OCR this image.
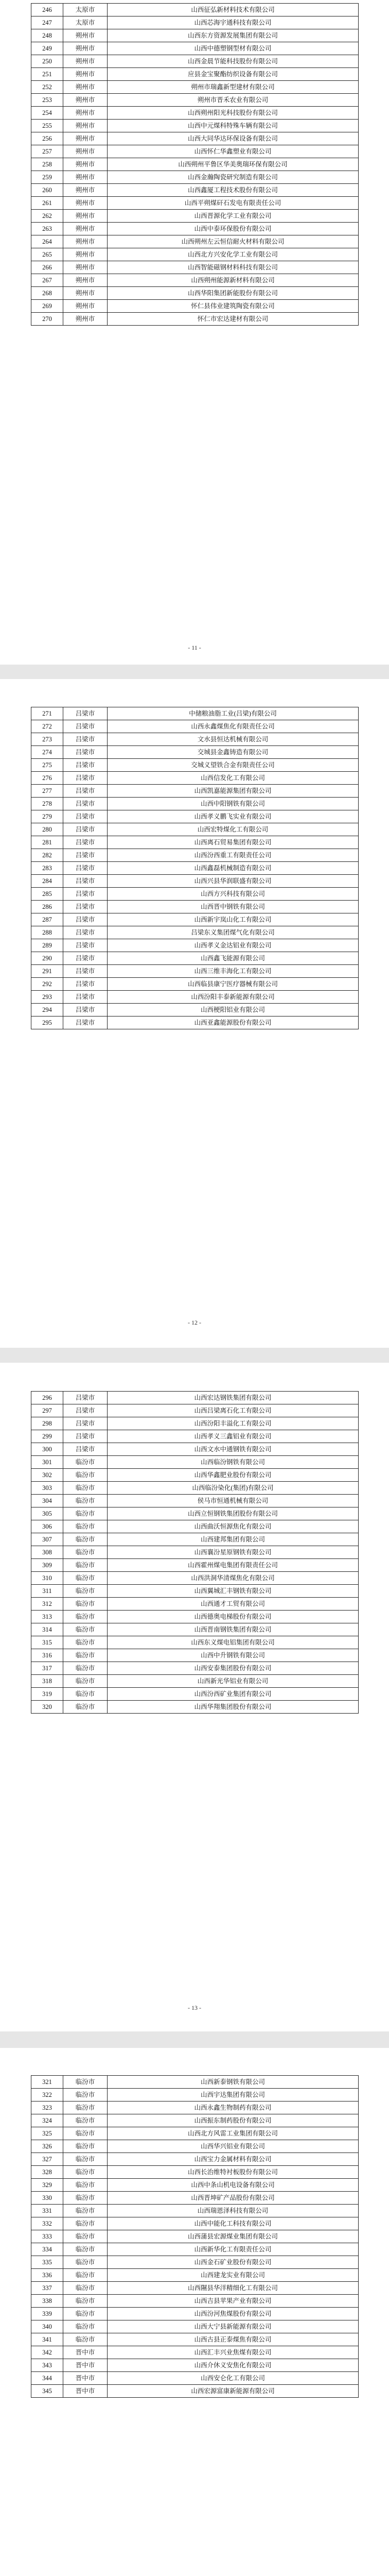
246	太原市	山西征弘新材料技术有限公司
247	太原市	山西芯海宇通科技有限公司
248	朔州市	山西东方资源发展集团有限公司
249	朔州市	山西中德塑钢型材有限公司
250	朔州市	山西金晨节能科技股份有限公司
251	朔州市	应县金宝聚酯纺织设备有限公司
252	朔州市	朔州市瑞鑫新型建材有限公司
253	朔州市	朔州市晋禾农业有限公司
254	朔州市	山西朔州阳光科技股份有限公司
255	朔州市	山西中元煤科特殊车辆有限公司
256	朔州市	山西大同华达环保设备有限公司
257	朔州市	山西怀仁华鑫塑业有限公司
258	朔州市	山西朔州平鲁区华美奥瑞环保有限公司
259	朔州市	山西金瀚陶瓷研究制造有限公司
260	朔州市	山西鑫厦工程技术股份有限公司
261	朔州市	山西平朔煤矸石发电有限责任公司
262	朔州市	山西晋源化学工业有限公司
263	朔州市	山西中泰环保股份有限公司
264	朔州市	山西朔州左云恒信耐火材料有限公司
265	朔州市	山西北方兴安化学工业有限公司
266	朔州市	山西智能磁钢材料科技有限公司
267	朔州市	山西朔州能源新材料有限公司
268	朔州市	山西华阳集团新能股份有限公司
269	朔州市	怀仁县伟业建筑陶瓷有限公司
270	朔州市	怀仁市宏达建材有限公司
- 11 -
271	吕梁市	中储粮油脂工业(吕梁)有限公司
272	吕梁市	山西永鑫煤焦化有限责任公司
273	吕梁市	文水县恒达机械有限公司
274	吕梁市	交城县金鑫铸造有限公司
275	吕梁市	交城义望铁合金有限责任公司
276	吕梁市	山西信发化工有限公司
277	吕梁市	山西凯嘉能源集团有限公司
278	吕梁市	山西中阳钢铁有限公司
279	吕梁市	山西孝义鹏飞实业有限公司
280	吕梁市	山西宏特煤化工有限公司
281	吕梁市	山西离石贸易集团有限公司
282	吕梁市	山西汾西重工有限责任公司
283	吕梁市	山西鑫磊机械制造有限公司
284	吕梁市	山西兴县华润联盛有限公司
285	吕梁市	山西方兴科技有限公司
286	吕梁市	山西晋中钢铁有限公司
287	吕梁市	山西新宇岚山化工有限公司
288	吕梁市	吕梁东义集团煤气化有限公司
289	吕梁市	山西孝义金达铝业有限公司
290	吕梁市	山西鑫飞能源有限公司
291	吕梁市	山西三维丰海化工有限公司
292	吕梁市	山西临县康宁医疗器械有限公司
293	吕梁市	山西汾阳丰泰新能源有限公司
294	吕梁市	山西梗阳铝业有限公司
295	吕梁市	山西亚鑫能源股份有限公司
- 12 -
296	吕梁市	山西宏达钢铁集团有限公司
297	吕梁市	山西吕梁离石化工有限公司
298	吕梁市	山西汾阳丰溢化工有限公司
299	吕梁市	山西孝义三鑫铝业有限公司
300	吕梁市	山西文水中通钢铁有限公司
301	临汾市	山西临汾钢铁有限公司
302	临汾市	山西华鑫肥业股份有限公司
303	临汾市	山西临汾染化(集团)有限公司
304	临汾市	侯马市恒通机械有限公司
305	临汾市	山西立恒钢铁集团股份有限公司
306	临汾市	山西曲沃恒源焦化有限公司
307	临汾市	山西建邦集团有限公司
308	临汾市	山西襄汾星原钢铁有限公司
309	临汾市	山西霍州煤电集团有限责任公司
310	临汾市	山西洪洞华清煤焦化有限公司
311	临汾市	山西翼城汇丰钢铁有限公司
312	临汾市	山西通才工贸有限公司
313	临汾市	山西德奥电梯股份有限公司
314	临汾市	山西晋南钢铁集团有限公司
315	临汾市	山西东义煤电铝集团有限公司
316	临汾市	山西中升钢铁有限公司
317	临汾市	山西安泰集团股份有限公司
318	临汾市	山西新光华铝业有限公司
319	临汾市	山西汾西矿业集团有限公司
320	临汾市	山西华翔集团股份有限公司
- 13 -
321	临汾市	山西新泰钢铁有限公司
322	临汾市	山西宇达集团有限公司
323	临汾市	山西永鑫生物制药有限公司
324	临汾市	山西振东制药股份有限公司
325	临汾市	山西北方风雷工业集团有限公司
326	临汾市	山西华兴铝业有限公司
327	临汾市	山西宝力金属材料有限公司
328	临汾市	山西长治维特衬板股份有限公司
329	临汾市	山西中条山机电设备有限公司
330	临汾市	山西晋坤矿产品股份有限公司
331	临汾市	山西瑞恩泽科技有限公司
332	临汾市	山西中能化工科技有限公司
333	临汾市	山西蒲县宏源煤业集团有限公司
334	临汾市	山西新华化工有限责任公司
335	临汾市	山西金石矿业股份有限公司
336	临汾市	山西建龙实业有限公司
337	临汾市	山西隰县华洋精细化工有限公司
338	临汾市	山西吉县苹果产业有限公司
339	临汾市	山西汾河焦煤股份有限公司
340	临汾市	山西大宁县新能源有限公司
341	临汾市	山西古县正泰煤焦有限公司
342	晋中市	山西汇丰兴业焦煤有限公司
343	晋中市	山西介休义安焦化有限公司
344	晋中市	山西安仑化工有限公司
345	晋中市	山西宏源富康新能源有限公司
